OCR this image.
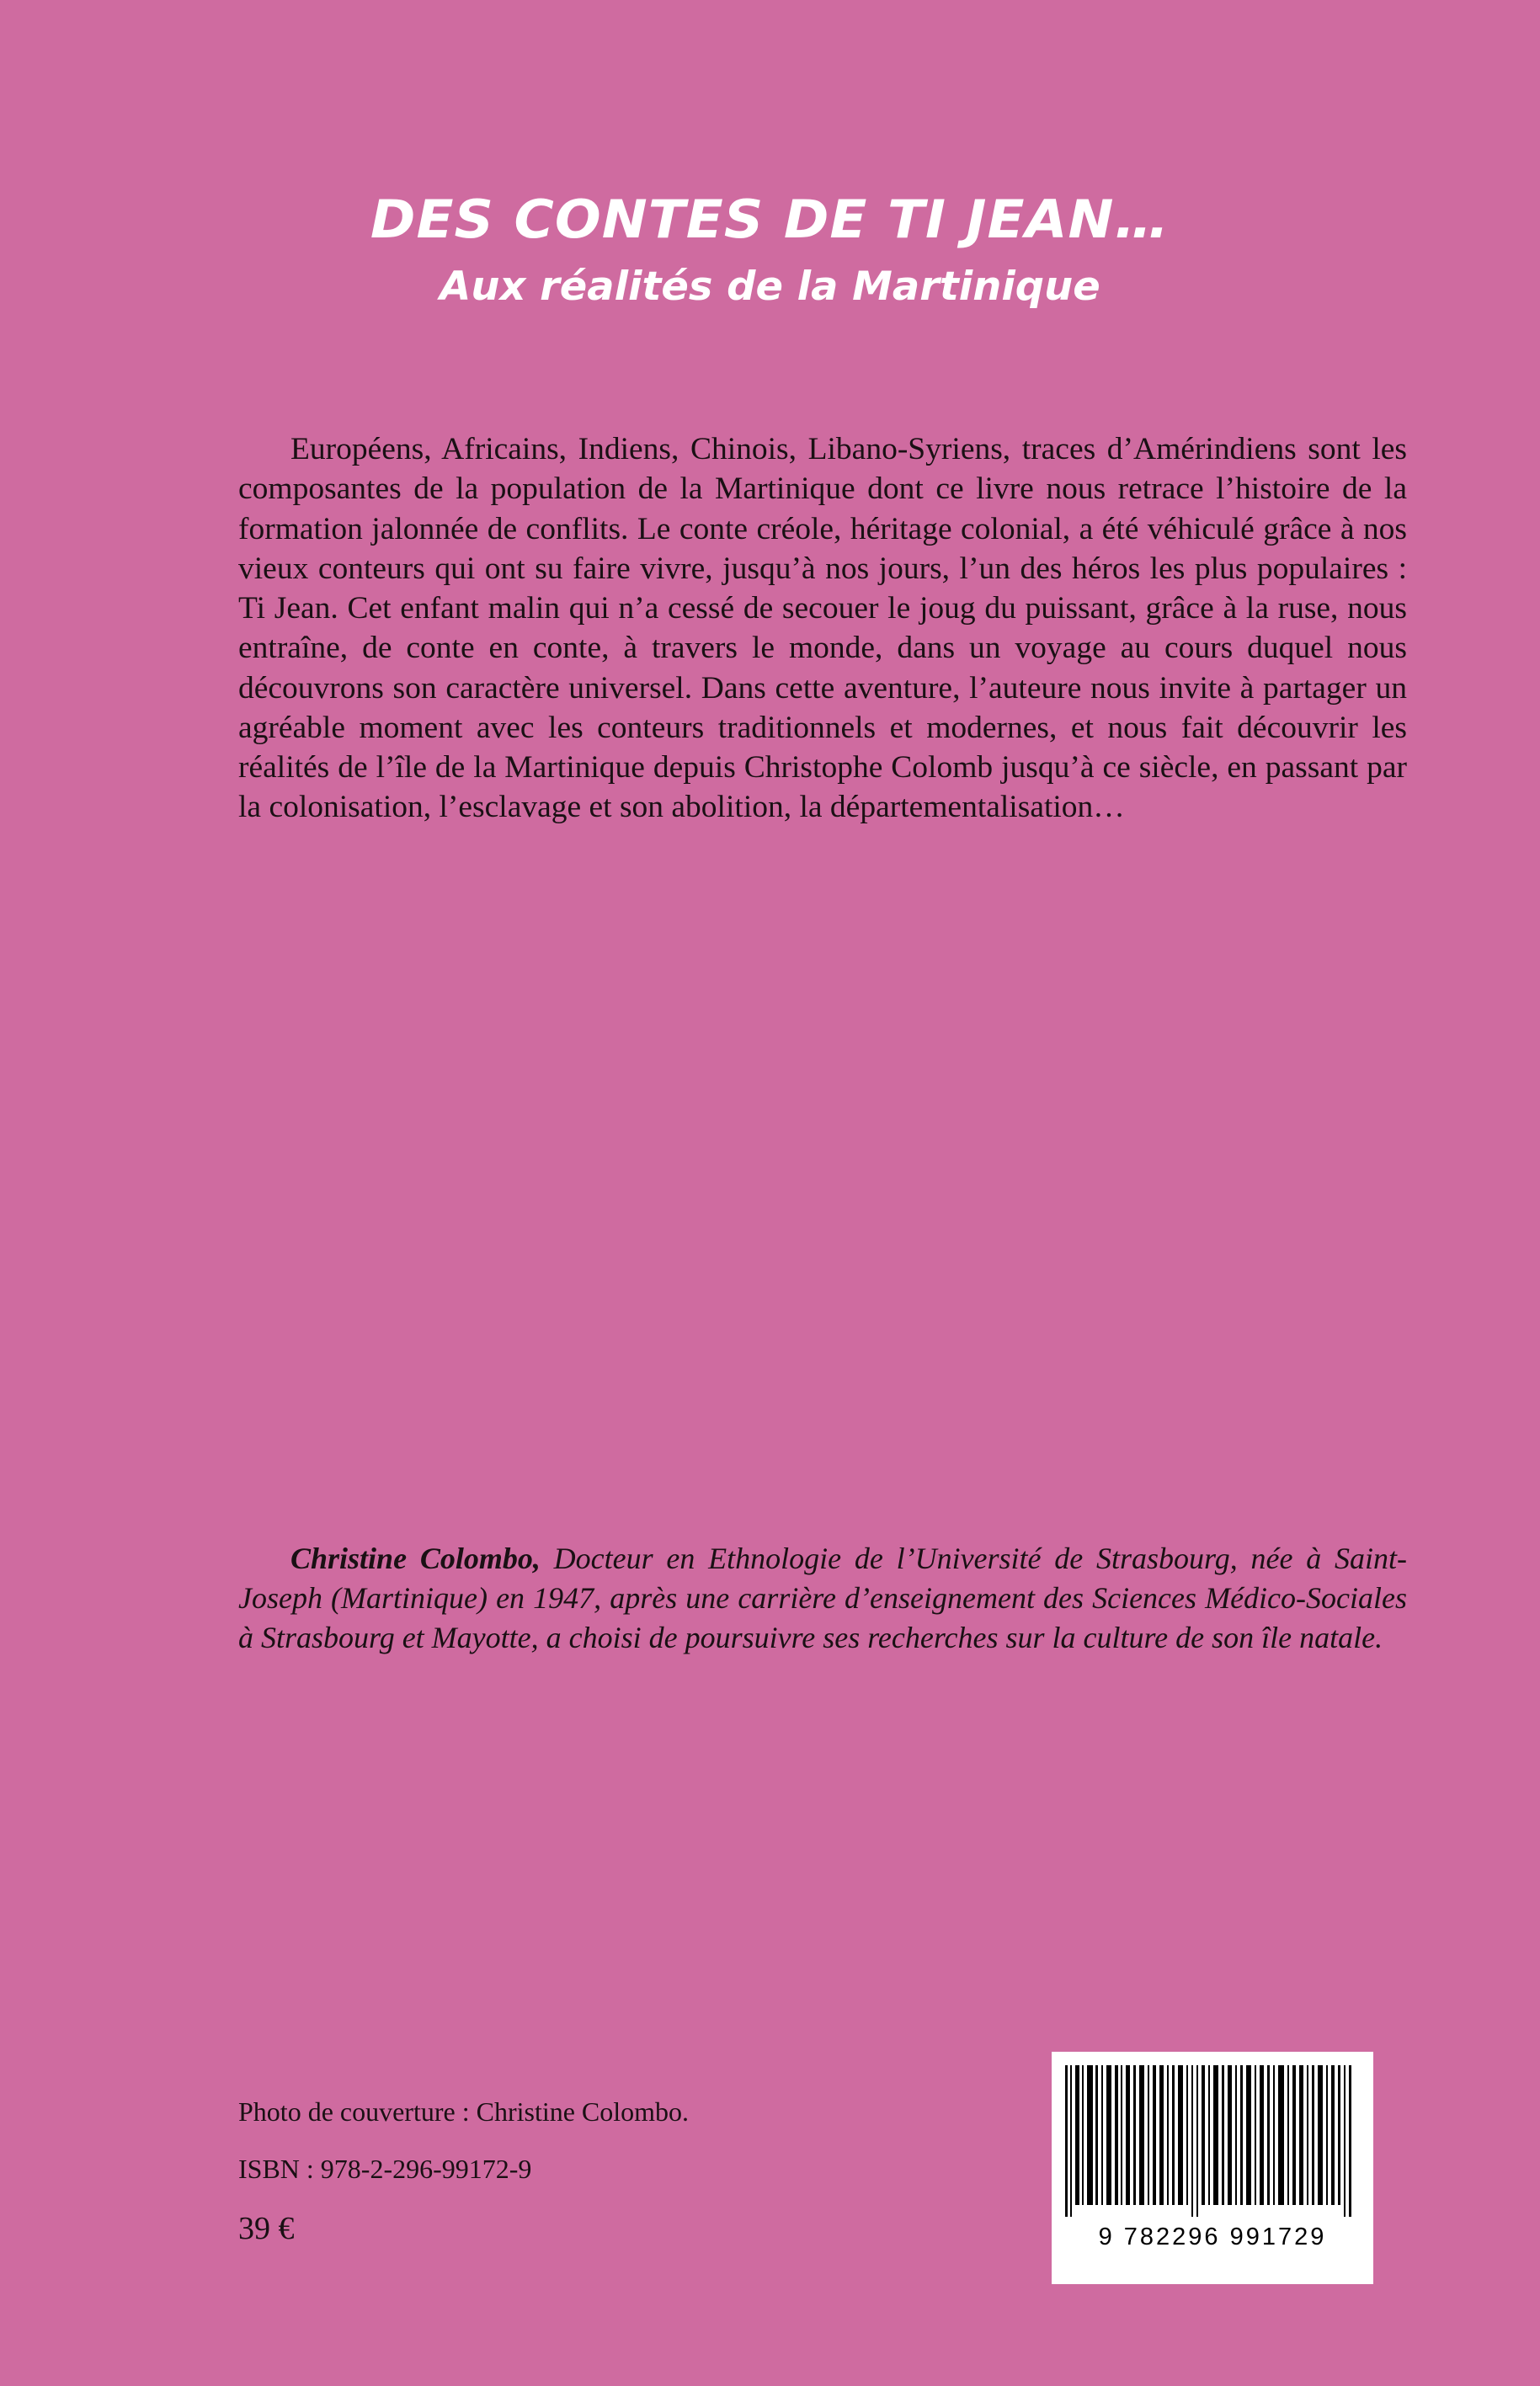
DES CONTES DE TI JEAN…
Aux réalités de la Martinique
Européens, Africains, Indiens, Chinois, Libano-Syriens, traces d’Amérindiens sont les composantes de la population de la Martinique dont ce livre nous retrace l’histoire de la formation jalonnée de conflits. Le conte créole, héritage colonial, a été véhiculé grâce à nos vieux conteurs qui ont su faire vivre, jusqu’à nos jours, l’un des héros les plus populaires : Ti Jean. Cet enfant malin qui n’a cessé de secouer le joug du puissant, grâce à la ruse, nous entraîne, de conte en conte, à travers le monde, dans un voyage au cours duquel nous découvrons son caractère universel. Dans cette aventure, l’auteure nous invite à partager un agréable moment avec les conteurs traditionnels et modernes, et nous fait découvrir les réalités de l’île de la Martinique depuis Christophe Colomb jusqu’à ce siècle, en passant par la colonisation, l’esclavage et son abolition, la départementalisation…
Christine Colombo, Docteur en Ethnologie de l’Université de Strasbourg, née à Saint-Joseph (Martinique) en 1947, après une carrière d’enseignement des Sciences Médico-Sociales à Strasbourg et Mayotte, a choisi de poursuivre ses recherches sur la culture de son île natale.
Photo de couverture : Christine Colombo.
ISBN : 978-2-296-99172-9
39 €	9 782296 991729
